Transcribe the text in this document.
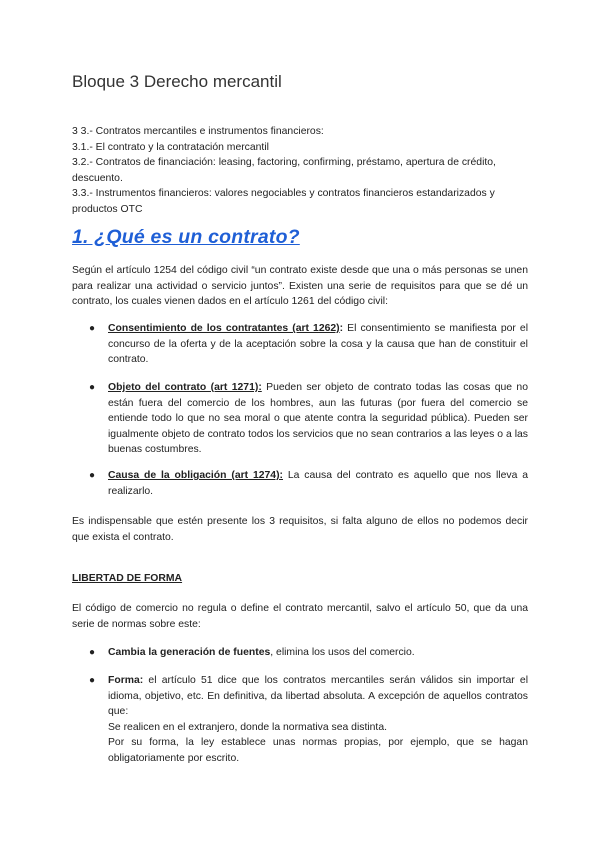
Bloque 3 Derecho mercantil
3 3.- Contratos mercantiles e instrumentos financieros:
3.1.- El contrato y la contratación mercantil
3.2.- Contratos de financiación: leasing, factoring, confirming, préstamo, apertura de crédito, descuento.
3.3.- Instrumentos financieros: valores negociables y contratos financieros estandarizados y productos OTC
1. ¿Qué es un contrato?

Según el artículo 1254 del código civil “un contrato existe desde que una o más personas se unen para realizar una actividad o servicio juntos”. Existen una serie de requisitos para que se dé un contrato, los cuales vienen dados en el artículo 1261 del código civil:

● Consentimiento de los contratantes (art 1262): El consentimiento se manifiesta por el concurso de la oferta y de la aceptación sobre la cosa y la causa que han de constituir el contrato.
● Objeto del contrato (art 1271): Pueden ser objeto de contrato todas las cosas que no están fuera del comercio de los hombres, aun las futuras (por fuera del comercio se entiende todo lo que no sea moral o que atente contra la seguridad pública). Pueden ser igualmente objeto de contrato todos los servicios que no sean contrarios a las leyes o a las buenas costumbres.
● Causa de la obligación (art 1274): La causa del contrato es aquello que nos lleva a realizarlo.

Es indispensable que estén presente los 3 requisitos, si falta alguno de ellos no podemos decir que exista el contrato.

LIBERTAD DE FORMA

El código de comercio no regula o define el contrato mercantil, salvo el artículo 50, que da una serie de normas sobre este:

● Cambia la generación de fuentes, elimina los usos del comercio.
● Forma: el artículo 51 dice que los contratos mercantiles serán válidos sin importar el idioma, objetivo, etc. En definitiva, da libertad absoluta. A excepción de aquellos contratos que:
Se realicen en el extranjero, donde la normativa sea distinta.
Por su forma, la ley establece unas normas propias, por ejemplo, que se hagan obligatoriamente por escrito.
